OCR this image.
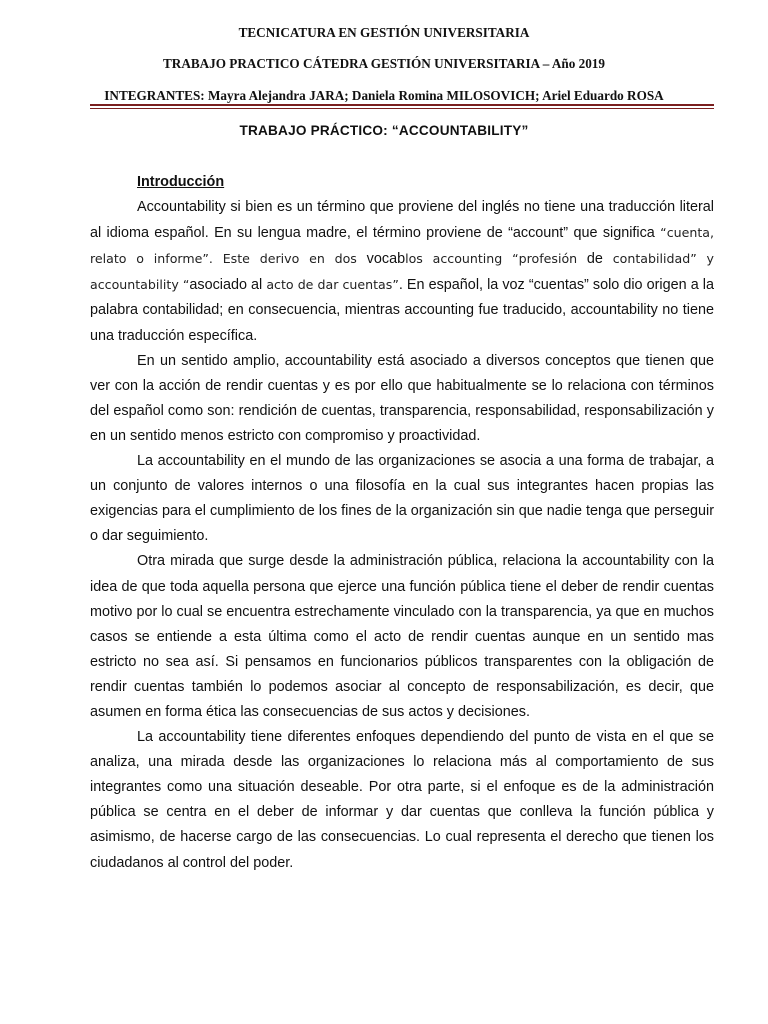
TECNICATURA EN GESTIÓN UNIVERSITARIA
TRABAJO PRACTICO CÁTEDRA GESTIÓN UNIVERSITARIA – Año 2019
INTEGRANTES: Mayra Alejandra JARA; Daniela Romina MILOSOVICH; Ariel Eduardo ROSA
TRABAJO PRÁCTICO: “ACCOUNTABILITY”
Introducción

Accountability si bien es un término que proviene del inglés no tiene una traducción literal al idioma español. En su lengua madre, el término proviene de “account” que significa “cuenta, relato o informe”. Este derivo en dos vocablos accounting “profesión de contabilidad” y accountability “asociado al acto de dar cuentas”. En español, la voz “cuentas” solo dio origen a la palabra contabilidad; en consecuencia, mientras accounting fue traducido, accountability no tiene una traducción específica.

En un sentido amplio, accountability está asociado a diversos conceptos que tienen que ver con la acción de rendir cuentas y es por ello que habitualmente se lo relaciona con términos del español como son: rendición de cuentas, transparencia, responsabilidad, responsabilización y en un sentido menos estricto con compromiso y proactividad.

La accountability en el mundo de las organizaciones se asocia a una forma de trabajar, a un conjunto de valores internos o una filosofía en la cual sus integrantes hacen propias las exigencias para el cumplimiento de los fines de la organización sin que nadie tenga que perseguir o dar seguimiento.

Otra mirada que surge desde la administración pública, relaciona la accountability con la idea de que toda aquella persona que ejerce una función pública tiene el deber de rendir cuentas motivo por lo cual se encuentra estrechamente vinculado con la transparencia, ya que en muchos casos se entiende a esta última como el acto de rendir cuentas aunque en un sentido mas estricto no sea así. Si pensamos en funcionarios públicos transparentes con la obligación de rendir cuentas también lo podemos asociar al concepto de responsabilización, es decir, que asumen en forma ética las consecuencias de sus actos y decisiones.

La accountability tiene diferentes enfoques dependiendo del punto de vista en el que se analiza, una mirada desde las organizaciones lo relaciona más al comportamiento de sus integrantes como una situación deseable. Por otra parte, si el enfoque es de la administración pública se centra en el deber de informar y dar cuentas que conlleva la función pública y asimismo, de hacerse cargo de las consecuencias. Lo cual representa el derecho que tienen los ciudadanos al control del poder.
